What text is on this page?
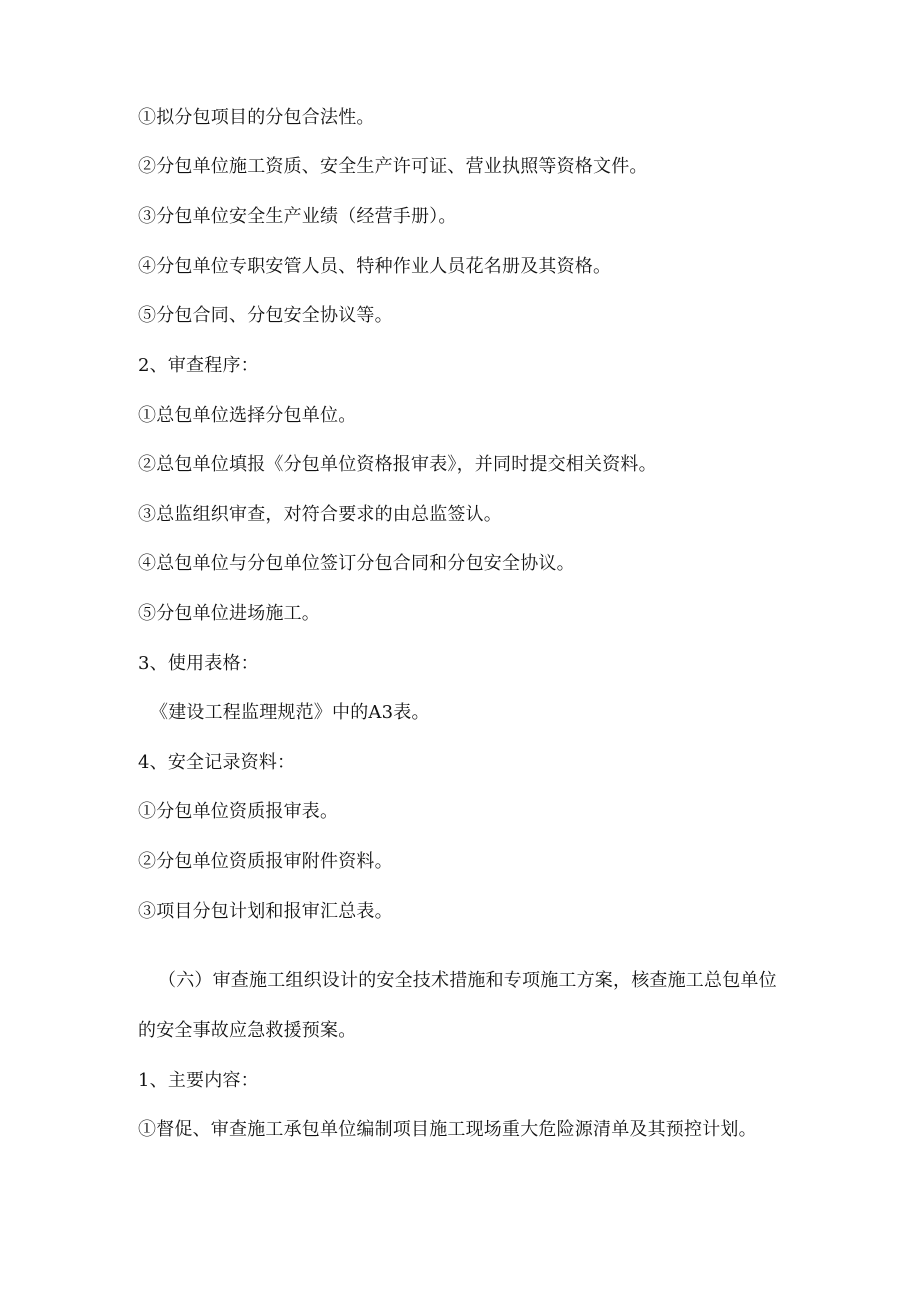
①拟分包项目的分包合法性。
②分包单位施工资质、安全生产许可证、营业执照等资格文件。
③分包单位安全生产业绩（经营手册）。
④分包单位专职安管人员、特种作业人员花名册及其资格。
⑤分包合同、分包安全协议等。
2、审查程序：
①总包单位选择分包单位。
②总包单位填报《分包单位资格报审表》，并同时提交相关资料。
③总监组织审查，对符合要求的由总监签认。
④总包单位与分包单位签订分包合同和分包安全协议。
⑤分包单位进场施工。
3、使用表格：
《建设工程监理规范》中的A3表。
4、安全记录资料：
①分包单位资质报审表。
②分包单位资质报审附件资料。
③项目分包计划和报审汇总表。
（六）审查施工组织设计的安全技术措施和专项施工方案，核查施工总包单位
的安全事故应急救援预案。
1、主要内容：
①督促、审查施工承包单位编制项目施工现场重大危险源清单及其预控计划。
